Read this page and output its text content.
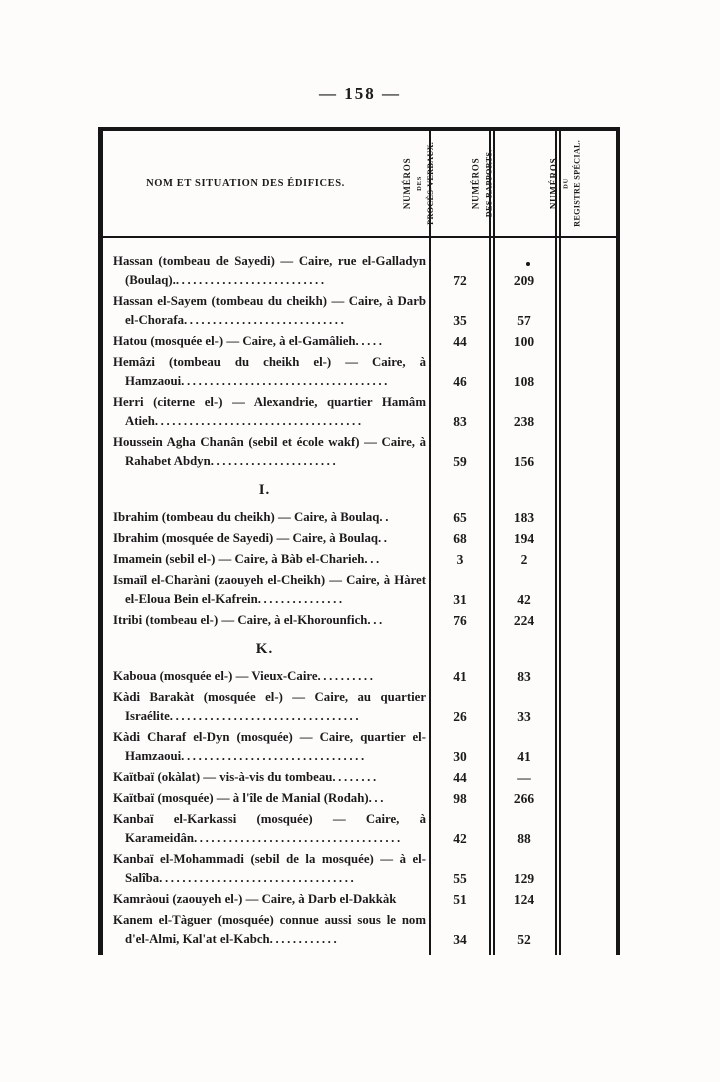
— 158 —
NOM ET SITUATION DES ÉDIFICES.	NUMÉROS DES PROCÈS-VERBAUX.	NUMÉROS DES RAPPORTS.	NUMÉROS DU REGISTRE SPÉCIAL.
Hassan (tombeau de Sayedi) — Caire, rue el-Galladyn (Boulaq)...........................	72	209
Hassan el-Sayem (tombeau du cheikh) — Caire, à Darb el-Chorafa............................	35	57
Hatou (mosquée el-) — Caire, à el-Gamâlieh.....	44	100
Hemâzi (tombeau du cheikh el-) — Caire, à Hamzaoui....................................	46	108
Herri (citerne el-) — Alexandrie, quartier Hamâm Atieh....................................	83	238
Houssein Agha Chanân (sebil et école wakf) — Caire, à Rahabet Abdyn......................	59	156
I.
Ibrahim (tombeau du cheikh) — Caire, à Boulaq..	65	183
Ibrahim (mosquée de Sayedi) — Caire, à Boulaq..	68	194
Imamein (sebil el-) — Caire, à Bàb el-Charieh...	3	2
Ismaïl el-Charàni (zaouyeh el-Cheikh) — Caire, à Hàret el-Eloua Bein el-Kafrein...............	31	42
Itribi (tombeau el-) — Caire, à el-Khorounfich...	76	224
K.
Kaboua (mosquée el-) — Vieux-Caire..........	41	83
Kàdi Barakàt (mosquée el-) — Caire, au quartier Israélite.................................	26	33
Kàdi Charaf el-Dyn (mosquée) — Caire, quartier el-Hamzaoui................................	30	41
Kaïtbaï (okàlat) — vis-à-vis du tombeau........	44	—
Kaïtbaï (mosquée) — à l'île de Manial (Rodah)...	98	266
Kanbaï el-Karkassi (mosquée) — Caire, à Karameidân....................................	42	88
Kanbaï el-Mohammadi (sebil de la mosquée) — à el-Salîba..................................	55	129
Kamràoui (zaouyeh el-) — Caire, à Darb el-Dakkàk	51	124
Kanem el-Tàguer (mosquée) connue aussi sous le nom d'el-Almi, Kal'at el-Kabch............	34	52
